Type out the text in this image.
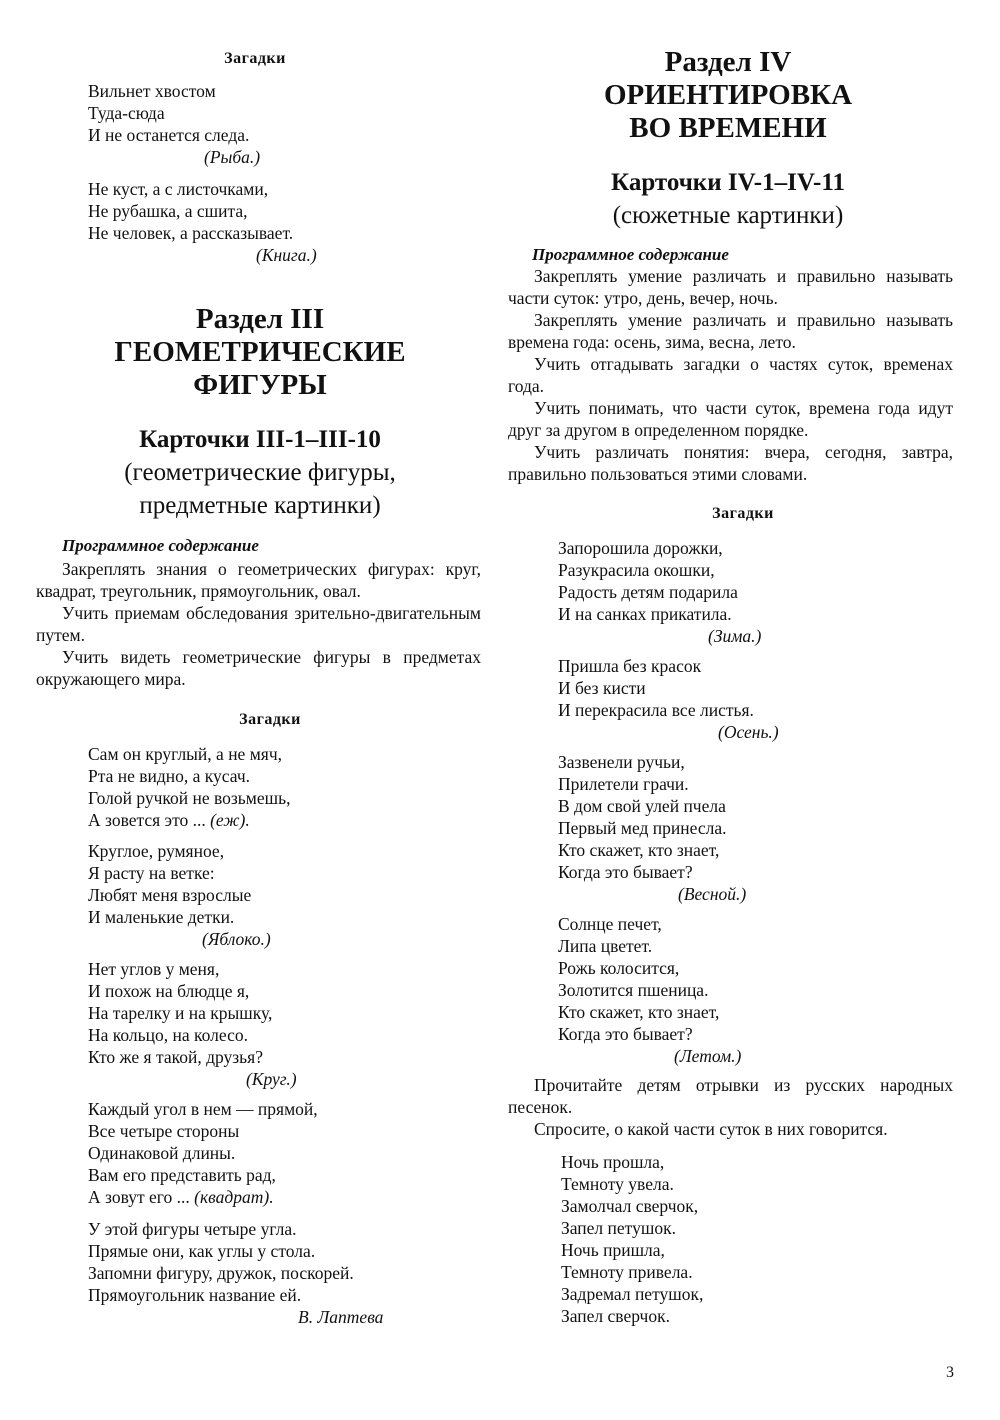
Загадки
Вильнет хвостом
Туда-сюда
И не останется следа.
(Рыба.)
Не куст, а с листочками,
Не рубашка, а сшита,
Не человек, а рассказывает.
(Книга.)
Раздел III
ГЕОМЕТРИЧЕСКИЕ
ФИГУРЫ
Карточки III-1–III-10
(геометрические фигуры,
предметные картинки)
Программное содержание

Закреплять знания о геометрических фигурах: круг, квадрат, треугольник, прямоугольник, овал.

Учить приемам обследования зрительно-двигательным путем.

Учить видеть геометрические фигуры в предметах окружающего мира.

Загадки
Сам он круглый, а не мяч,
Рта не видно, а кусач.
Голой ручкой не возьмешь,
А зовется это ... (еж).
Круглое, румяное,
Я расту на ветке:
Любят меня взрослые
И маленькие детки.
(Яблоко.)
Нет углов у меня,
И похож на блюдце я,
На тарелку и на крышку,
На кольцо, на колесо.
Кто же я такой, друзья?
(Круг.)
Каждый угол в нем — прямой,
Все четыре стороны
Одинаковой длины.
Вам его представить рад,
А зовут его ... (квадрат).
У этой фигуры четыре угла.
Прямые они, как углы у стола.
Запомни фигуру, дружок, поскорей.
Прямоугольник название ей.
В. Лаптева
Раздел IV
ОРИЕНТИРОВКА
ВО ВРЕМЕНИ
Карточки IV-1–IV-11
(сюжетные картинки)
Программное содержание

Закреплять умение различать и правильно называть части суток: утро, день, вечер, ночь.

Закреплять умение различать и правильно называть времена года: осень, зима, весна, лето.

Учить отгадывать загадки о частях суток, временах года.

Учить понимать, что части суток, времена года идут друг за другом в определенном порядке.

Учить различать понятия: вчера, сегодня, завтра, правильно пользоваться этими словами.

Загадки
Запорошила дорожки,
Разукрасила окошки,
Радость детям подарила
И на санках прикатила.
(Зима.)
Пришла без красок
И без кисти
И перекрасила все листья.
(Осень.)
Зазвенели ручьи,
Прилетели грачи.
В дом свой улей пчела
Первый мед принесла.
Кто скажет, кто знает,
Когда это бывает?
(Весной.)
Солнце печет,
Липа цветет.
Рожь колосится,
Золотится пшеница.
Кто скажет, кто знает,
Когда это бывает?
(Летом.)

Прочитайте детям отрывки из русских народных песенок.

Спросите, о какой части суток в них говорится.

Ночь прошла,
Темноту увела.
Замолчал сверчок,
Запел петушок.
Ночь пришла,
Темноту привела.
Задремал петушок,
Запел сверчок.
3
